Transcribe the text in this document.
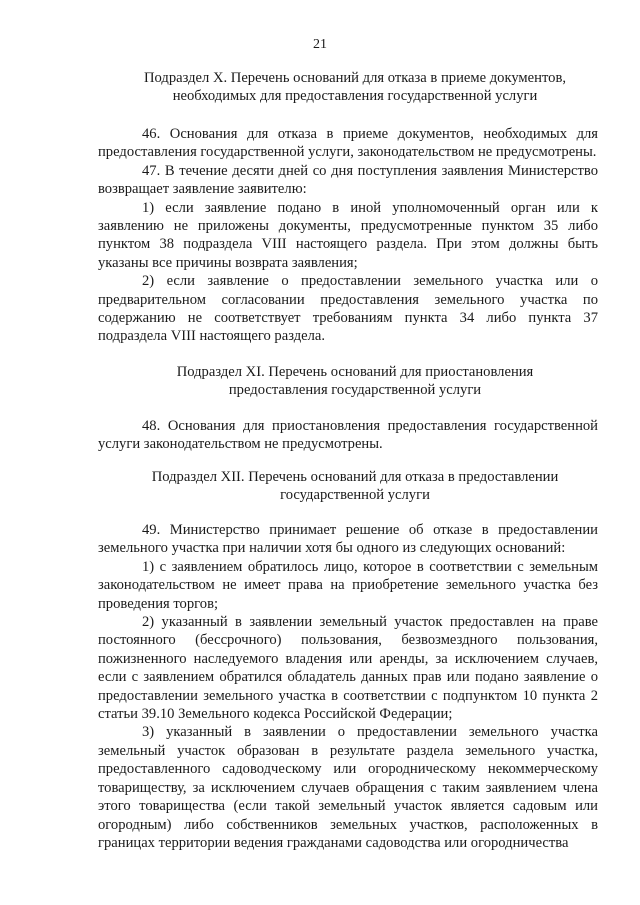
21
Подраздел X. Перечень оснований для отказа в приеме документов,
необходимых для предоставления государственной услуги
46. Основания для отказа в приеме документов, необходимых для предоставления государственной услуги, законодательством не предусмотрены.
47. В течение десяти дней со дня поступления заявления Министерство возвращает заявление заявителю:
1) если заявление подано в иной уполномоченный орган или к заявлению не приложены документы, предусмотренные пунктом 35 либо пунктом 38 подраздела VIII настоящего раздела. При этом должны быть указаны все причины возврата заявления;
2) если заявление о предоставлении земельного участка или о предварительном согласовании предоставления земельного участка по содержанию не соответствует требованиям пункта 34 либо пункта 37 подраздела VIII настоящего раздела.
Подраздел XI. Перечень оснований для приостановления
предоставления государственной услуги
48. Основания для приостановления предоставления государственной услуги законодательством не предусмотрены.
Подраздел XII. Перечень оснований для отказа в предоставлении
государственной услуги
49. Министерство принимает решение об отказе в предоставлении земельного участка при наличии хотя бы одного из следующих оснований:
1) с заявлением обратилось лицо, которое в соответствии с земельным законодательством не имеет права на приобретение земельного участка без проведения торгов;
2) указанный в заявлении земельный участок предоставлен на праве постоянного (бессрочного) пользования, безвозмездного пользования, пожизненного наследуемого владения или аренды, за исключением случаев, если с заявлением обратился обладатель данных прав или подано заявление о предоставлении земельного участка в соответствии с подпунктом 10 пункта 2 статьи 39.10 Земельного кодекса Российской Федерации;
3) указанный в заявлении о предоставлении земельного участка земельный участок образован в результате раздела земельного участка, предоставленного садоводческому или огородническому некоммерческому товариществу, за исключением случаев обращения с таким заявлением члена этого товарищества (если такой земельный участок является садовым или огородным) либо собственников земельных участков, расположенных в границах территории ведения гражданами садоводства или огородничества
